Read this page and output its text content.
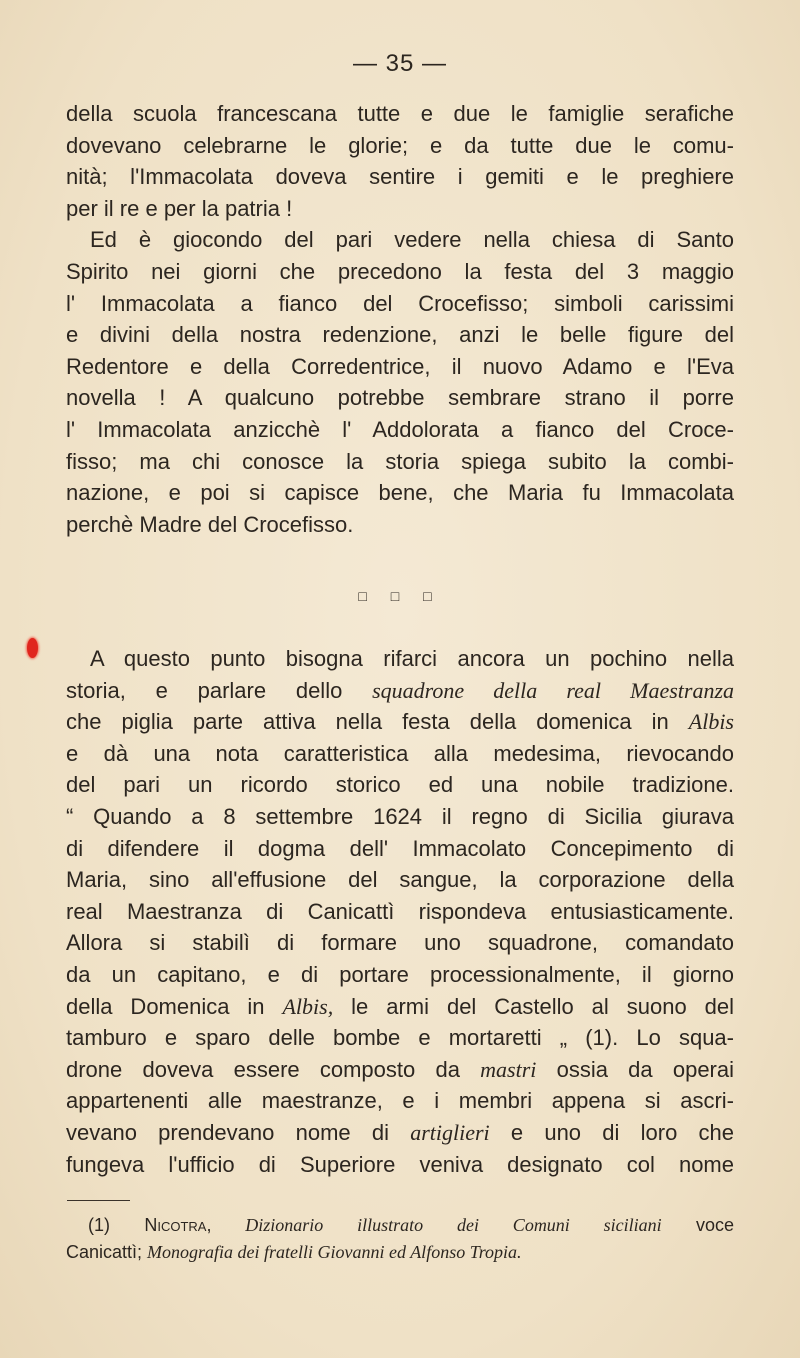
— 35 —
della scuola francescana tutte e due le famiglie serafiche
dovevano celebrarne le glorie; e da tutte due le comu-
nità; l'Immacolata doveva sentire i gemiti e le preghiere
per il re e per la patria !
Ed è giocondo del pari vedere nella chiesa di Santo
Spirito nei giorni che precedono la festa del 3 maggio
l' Immacolata a fianco del Crocefisso; simboli carissimi
e divini della nostra redenzione, anzi le belle figure del
Redentore e della Corredentrice, il nuovo Adamo e l'Eva
novella ! A qualcuno potrebbe sembrare strano il porre
l' Immacolata anzicchè l' Addolorata a fianco del Croce-
fisso; ma chi conosce la storia spiega subito la combi-
nazione, e poi si capisce bene, che Maria fu Immacolata
perchè Madre del Crocefisso.
□ □ □
A questo punto bisogna rifarci ancora un pochino nella
storia, e parlare dello squadrone della real Maestranza
che piglia parte attiva nella festa della domenica in Albis
e dà una nota caratteristica alla medesima, rievocando
del pari un ricordo storico ed una nobile tradizione.
“ Quando a 8 settembre 1624 il regno di Sicilia giurava
di difendere il dogma dell' Immacolato Concepimento di
Maria, sino all'effusione del sangue, la corporazione della
real Maestranza di Canicattì rispondeva entusiasticamente.
Allora si stabilì di formare uno squadrone, comandato
da un capitano, e di portare processionalmente, il giorno
della Domenica in Albis, le armi del Castello al suono del
tamburo e sparo delle bombe e mortaretti „ (1). Lo squa-
drone doveva essere composto da mastri ossia da operai
appartenenti alle maestranze, e i membri appena si ascri-
vevano prendevano nome di artiglieri e uno di loro che
fungeva l'ufficio di Superiore veniva designato col nome
(1) Nicotra, Dizionario illustrato dei Comuni siciliani voce
Canicattì; Monografia dei fratelli Giovanni ed Alfonso Tropia.
